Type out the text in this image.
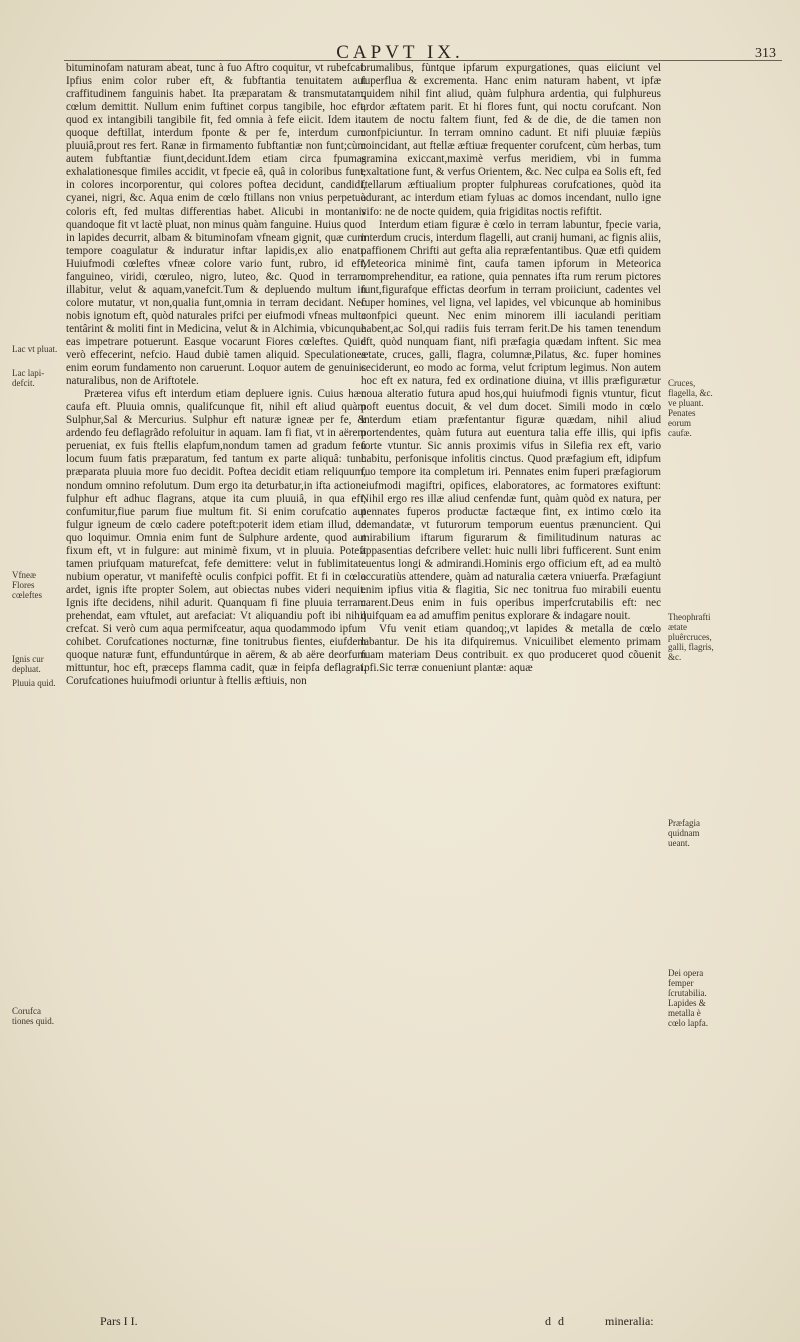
CAPVT IX.	313

bituminofam naturam abeat, tunc à fuo Aftro coquitur, vt rubefcat. Ipfius enim color ruber eft, & fubftantia tenuitatem aut craffitudinem fanguinis habet. Ita præparatam & transmutatam, cœlum demittit. Nullum enim fuftinet corpus tangibile, hoc eft, quod ex intangibili tangibile fit, fed omnia à fefe eiicit. Idem ita quoque deftillat, interdum fponte & per fe, interdum cum pluuiâ,prout res fert. Ranæ in firmamento fubftantiæ non funt;cùm autem fubftantiæ fiunt,decidunt.Idem etiam circa fpumas exhalationesque fimiles accidit, vt fpecie eâ, quâ in coloribus funt, in colores incorporentur, qui colores poftea decidunt, candidi, cyanei, nigri, &c. Aqua enim de cœlo ftillans non vnius perpetuò coloris eft, fed multas differentias habet. Alicubi in montanis quandoque fit vt lactè pluat, non minus quàm fanguine. Huius quod in lapides decurrit, albam & bituminofam vfneam gignit, quæ cum tempore coagulatur & induratur inftar lapidis,ex alio enatı. Huiufmodi cœleftes vfneæ colore vario funt, rubro, id eft, fanguineo, viridi, cœruleo, nigro, luteo, &c. Quod in terram illabitur, velut & aquam,vanefcit.Tum & depluendo multum in colore mutatur, vt non,qualia funt,omnia in terram decidant. Nec nobis ignotum eft, quòd naturales prifci per eiufmodi vfneas multa tentârint & moliti fint in Medicina, velut & in Alchimia, vbicunque eas impetrare potuerunt. Easque vocarunt Fiores cœleftes. Quid verò effecerint, nefcio. Haud dubiè tamen aliquid. Speculationes enim eorum fundamento non caruerunt. Loquor autem de genuinis naturalibus, non de Ariftotele.

Præterea vifus eft interdum etiam depluere ignis. Cuius hæc caufa eft. Pluuia omnis, qualifcunque fit, nihil eft aliud quàm Sulphur,Sal & Mercurius. Sulphur eft naturæ igneæ per fe, & ardendo feu deflagrãdo refoluitur in aquam. Iam fi fiat, vt in aërem perueniat, ex fuis ftellis elapfum,nondum tamen ad gradum feu locum fuum fatis præparatum, fed tantum ex parte aliquâ: tunc præparata pluuia more fuo decidit. Poftea decidit etiam reliquum, nondum omnino refolutum. Dum ergo ita deturbatur,in ifta actione fulphur eft adhuc flagrans, atque ita cum pluuiâ, in qua eft, confumitur,fiue parum fiue multum fit. Si enim corufcatio aut fulgur igneum de cœlo cadere poteft:poterit idem etiam illud, de quo loquimur. Omnia enim funt de Sulphure ardente, quod aut fixum eft, vt in fulgure: aut minimè fixum, vt in pluuia. Poteft tamen priufquam maturefcat, fefe demittere: velut in fublimitate nubium operatur, vt manifeftè oculis confpici poffit. Et fi in cœlo ardet, ignis ifte propter Solem, aut obiectas nubes videri nequit. Ignis ifte decidens, nihil adurit. Quanquam fi fine pluuia terram prehendat, eam vftulet, aut arefaciat: Vt aliquandiu poft ibi nihil crefcat. Si verò cum aqua permifceatur, aqua quodammodo ipfum cohibet. Corufcationes nocturnæ, fine tonitrubus fientes, eiufdem quoque naturæ funt, effunduntúrque in aërem, & ab aëre deorfum mittuntur, hoc eft, præceps flamma cadit, quæ in feipfa deflagrat. Corufcationes huiufmodi oriuntur à ftellis æftiuis, non

brumalibus, fùntque ipfarum expurgationes, quas eiiciunt vel fuperflua & excrementa. Hanc enim naturam habent, vt ipfæ quidem nihil fint aliud, quàm fulphura ardentia, qui fulphureus ardor æftatem parit. Et hi flores funt, qui noctu corufcant. Non autem de noctu faltem fiunt, fed & de die, de die tamen non confpiciuntur. In terram omnino cadunt. Et nifi pluuiæ fæpiùs coincidant, aut ftellæ æftiuæ frequenter corufcent, cùm herbas, tum gramina exiccant,maximè verfus meridiem, vbi in fumma exaltatione funt, & verfus Orientem, &c. Nec culpa ea Solis eft, fed ftellarum æftiualium propter fulphureas corufcationes, quòd ita adurant, ac interdum etiam fyluas ac domos incendant, nullo igne vifo: ne de nocte quidem, quia frigiditas noctis refiftit.

Interdum etiam figuræ è cœlo in terram labuntur, fpecie varia, interdum crucis, interdum flagelli, aut cranij humani, ac fignis aliis, paffionem Chrifti aut gefta alia repræfentantibus. Quæ etfi quidem Meteorica minimè fint, caufa tamen ipforum in Meteorica comprehenditur, ea ratione, quia pennates ifta rum rerum pictores funt,figurafque effictas deorfum in terram proiiciunt, cadentes vel fuper homines, vel ligna, vel lapides, vel vbicunque ab hominibus confpici queunt. Nec enim minorem illi iaculandi peritiam habent,ac Sol,qui radiis fuis terram ferit.De his tamen tenendum eft, quòd nunquam fiant, nifi præfagia quædam inftent. Sic mea ætate, cruces, galli, flagra, columnæ,Pilatus, &c. fuper homines ceciderunt, eo modo ac forma, velut fcriptum legimus. Non autem hoc eft ex natura, fed ex ordinatione diuina, vt illis præfigurætur noua alteratio futura apud hos,qui huiufmodi fignis vtuntur, ficut poft euentus docuit, & vel dum docet. Simili modo in cœlo interdum etiam præfentantur figuræ quædam, nihil aliud portendentes, quàm futura aut euentura talia effe illis, qui ipfis forte vtuntur. Sic annis proximis vifus in Silefia rex eft, vario habitu, perfonisque infolitis cinctus. Quod præfagium eft, idipfum fuo tempore ita completum iri. Pennates enim fuperi præfagiorum eiufmodi magiftri, opifices, elaboratores, ac formatores exiftunt: Nihil ergo res illæ aliud cenfendæ funt, quàm quòd ex natura, per pennates fuperos productæ factæque fint, ex intimo cœlo ita demandatæ, vt futurorum temporum euentus prænuncient. Qui mirabilium iftarum figurarum & fimilitudinum naturas ac appasentias defcribere vellet: huic nulli libri fufficerent. Sunt enim euentus longi & admirandi.Hominis ergo officium eft, ad ea multò accuratiùs attendere, quàm ad naturalia cætera vniuerfa. Præfagiunt enim ipfius vitia & flagitia, Sic nec tonitrua fuo mirabili euentu carent.Deus enim in fuis operibus imperfcrutabilis eft: nec quifquam ea ad amuffim penitus explorare & indagare nouit.

Vfu venit etiam quandoq;,vt lapides & metalla de cœlo labantur. De his ita difquiremus. Vnicuilibet elemento primam fuam materiam Deus contribuit. ex quo produceret quod cõuenit ipfi.Sic terræ conueniunt plantæ: aquæ

Lac vt pluat.
Lac lapi-defcit.
Vfneæ Flores cœleftes
Ignis cur depluat.
Pluuia quid.
Corufca tiones quid.
Cruces, flagella, &c. ve pluant. Penates eorum caufæ.
Theophrafti ætate pluêrcruces, galli, flagris, &c.
Præfagia quidnam ueant.
Dei opera femper ſcrutabilia. Lapides & metalla è cœlo lapfa.
Pars I I.	d d	mineralia:
